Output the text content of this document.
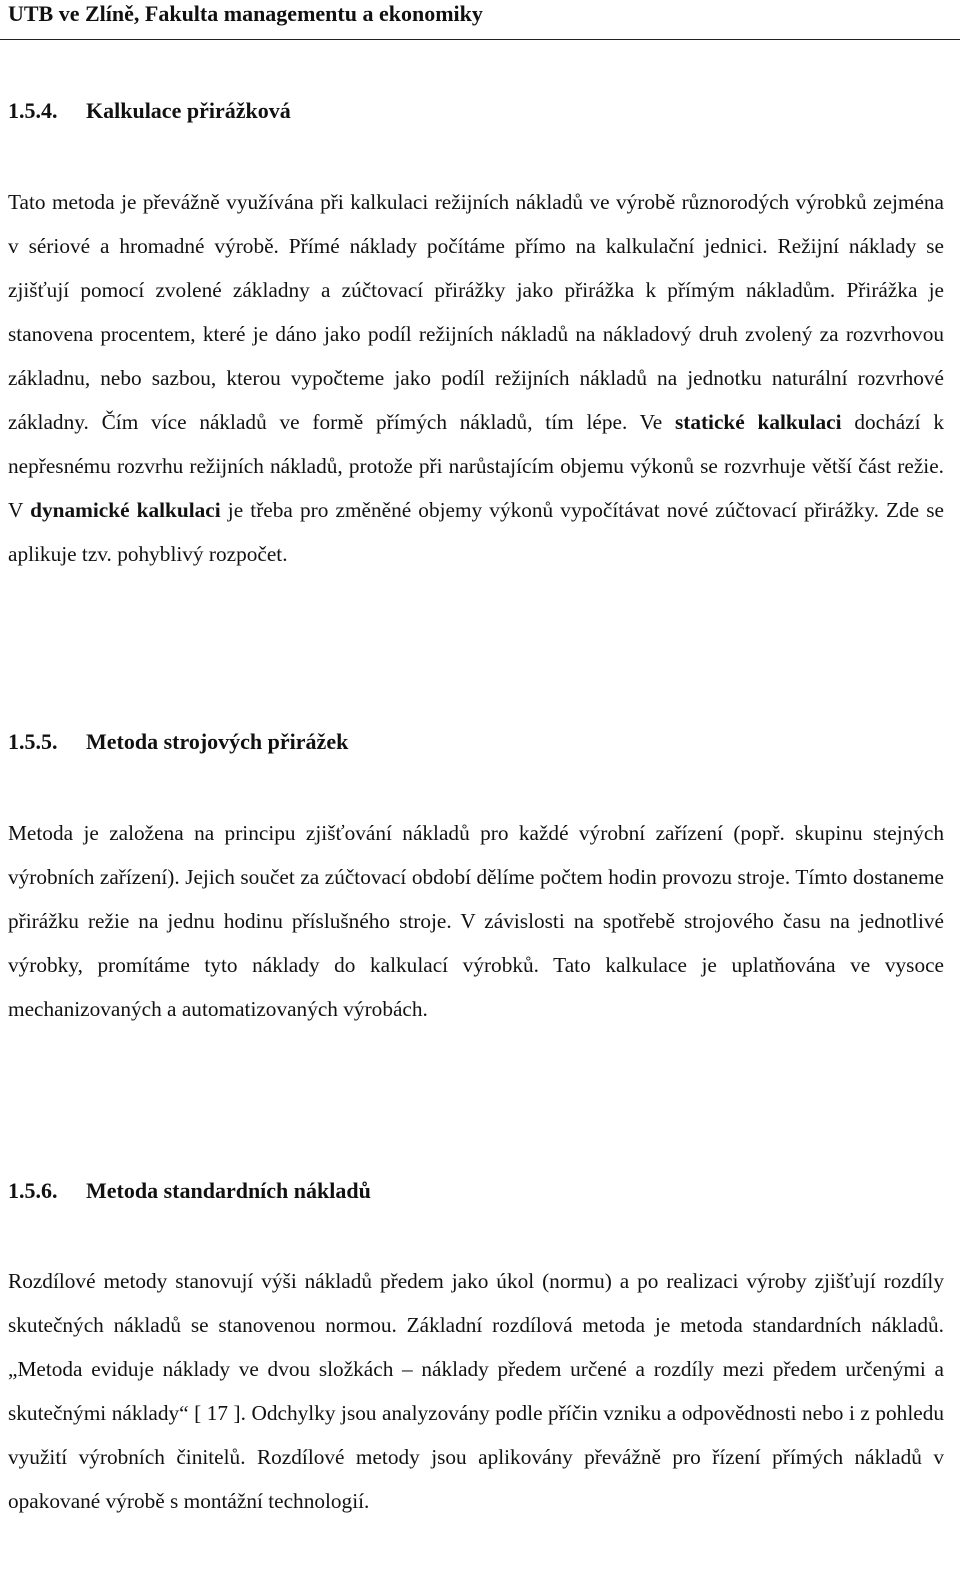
UTB ve Zlíně, Fakulta managementu a ekonomiky
1.5.4. Kalkulace přirážková

Tato metoda je převážně využívána při kalkulaci režijních nákladů ve výrobě různorodých výrobků zejména v sériové a hromadné výrobě. Přímé náklady počítáme přímo na kalkulační jednici. Režijní náklady se zjišťují pomocí zvolené základny a zúčtovací přirážky jako přirážka k přímým nákladům. Přirážka je stanovena procentem, které je dáno jako podíl režijních nákladů na nákladový druh zvolený za rozvrhovou základnu, nebo sazbou, kterou vypočteme jako podíl režijních nákladů na jednotku naturální rozvrhové základny. Čím více nákladů ve formě přímých nákladů, tím lépe. Ve statické kalkulaci dochází k nepřesnému rozvrhu režijních nákladů, protože při narůstajícím objemu výkonů se rozvrhuje větší část režie. V dynamické kalkulaci je třeba pro změněné objemy výkonů vypočítávat nové zúčtovací přirážky. Zde se aplikuje tzv. pohyblivý rozpočet.

1.5.5. Metoda strojových přirážek

Metoda je založena na principu zjišťování nákladů pro každé výrobní zařízení (popř. skupinu stejných výrobních zařízení). Jejich součet za zúčtovací období dělíme počtem hodin provozu stroje. Tímto dostaneme přirážku režie na jednu hodinu příslušného stroje. V závislosti na spotřebě strojového času na jednotlivé výrobky, promítáme tyto náklady do kalkulací výrobků. Tato kalkulace je uplatňována ve vysoce mechanizovaných a automatizovaných výrobách.

1.5.6. Metoda standardních nákladů

Rozdílové metody stanovují výši nákladů předem jako úkol (normu) a po realizaci výroby zjišťují rozdíly skutečných nákladů se stanovenou normou. Základní rozdílová metoda je metoda standardních nákladů. „Metoda eviduje náklady ve dvou složkách – náklady předem určené a rozdíly mezi předem určenými a skutečnými náklady“ [ 17 ]. Odchylky jsou analyzovány podle příčin vzniku a odpovědnosti nebo i z pohledu využití výrobních činitelů. Rozdílové metody jsou aplikovány převážně pro řízení přímých nákladů v opakované výrobě s montážní technologií.
